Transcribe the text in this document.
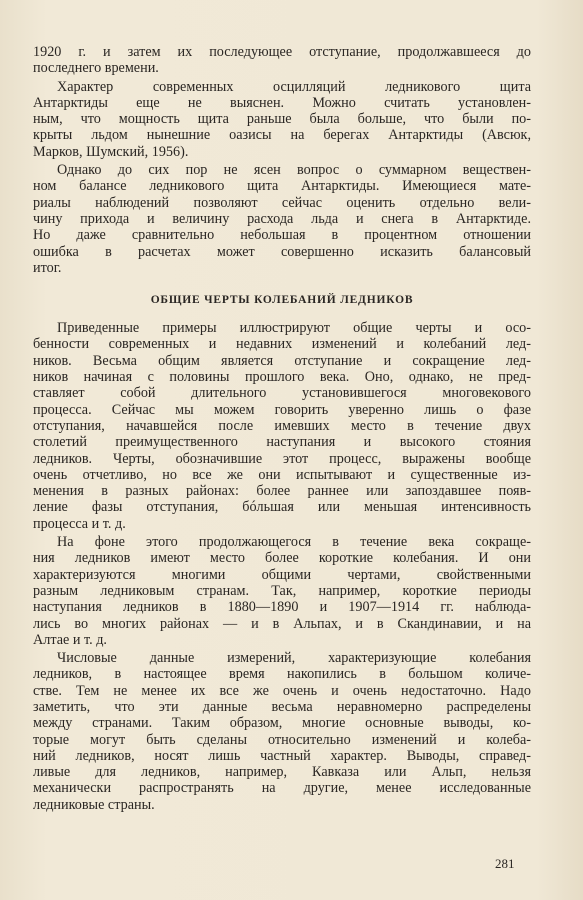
1920 г. и затем их последующее отступание, продолжавшееся до
последнего времени.
Характер современных осцилляций ледникового щита
Антарктиды еще не выяснен. Можно считать установлен-
ным, что мощность щита раньше была больше, что были по-
крыты льдом нынешние оазисы на берегах Антарктиды (Авсюк,
Марков, Шумский, 1956).
Однако до сих пор не ясен вопрос о суммарном веществен-
ном балансе ледникового щита Антарктиды. Имеющиеся мате-
риалы наблюдений позволяют сейчас оценить отдельно вели-
чину прихода и величину расхода льда и снега в Антарктиде.
Но даже сравнительно небольшая в процентном отношении
ошибка в расчетах может совершенно исказить балансовый
итог.
ОБЩИЕ ЧЕРТЫ КОЛЕБАНИЙ ЛЕДНИКОВ
Приведенные примеры иллюстрируют общие черты и осо-
бенности современных и недавних изменений и колебаний лед-
ников. Весьма общим является отступание и сокращение лед-
ников начиная с половины прошлого века. Оно, однако, не пред-
ставляет собой длительного установившегося многовекового
процесса. Сейчас мы можем говорить уверенно лишь о фазе
отступания, начавшейся после имевших место в течение двух
столетий преимущественного наступания и высокого стояния
ледников. Черты, обозначившие этот процесс, выражены вообще
очень отчетливо, но все же они испытывают и существенные из-
менения в разных районах: более раннее или запоздавшее появ-
ление фазы отступания, бóльшая или меньшая интенсивность
процесса и т. д.
На фоне этого продолжающегося в течение века сокраще-
ния ледников имеют место более короткие колебания. И они
характеризуются многими общими чертами, свойственными
разным ледниковым странам. Так, например, короткие периоды
наступания ледников в 1880—1890 и 1907—1914 гг. наблюда-
лись во многих районах — и в Альпах, и в Скандинавии, и на
Алтае и т. д.
Числовые данные измерений, характеризующие колебания
ледников, в настоящее время накопились в большом количе-
стве. Тем не менее их все же очень и очень недостаточно. Надо
заметить, что эти данные весьма неравномерно распределены
между странами. Таким образом, многие основные выводы, ко-
торые могут быть сделаны относительно изменений и колеба-
ний ледников, носят лишь частный характер. Выводы, справед-
ливые для ледников, например, Кавказа или Альп, нельзя
механически распространять на другие, менее исследованные
ледниковые страны.
281
